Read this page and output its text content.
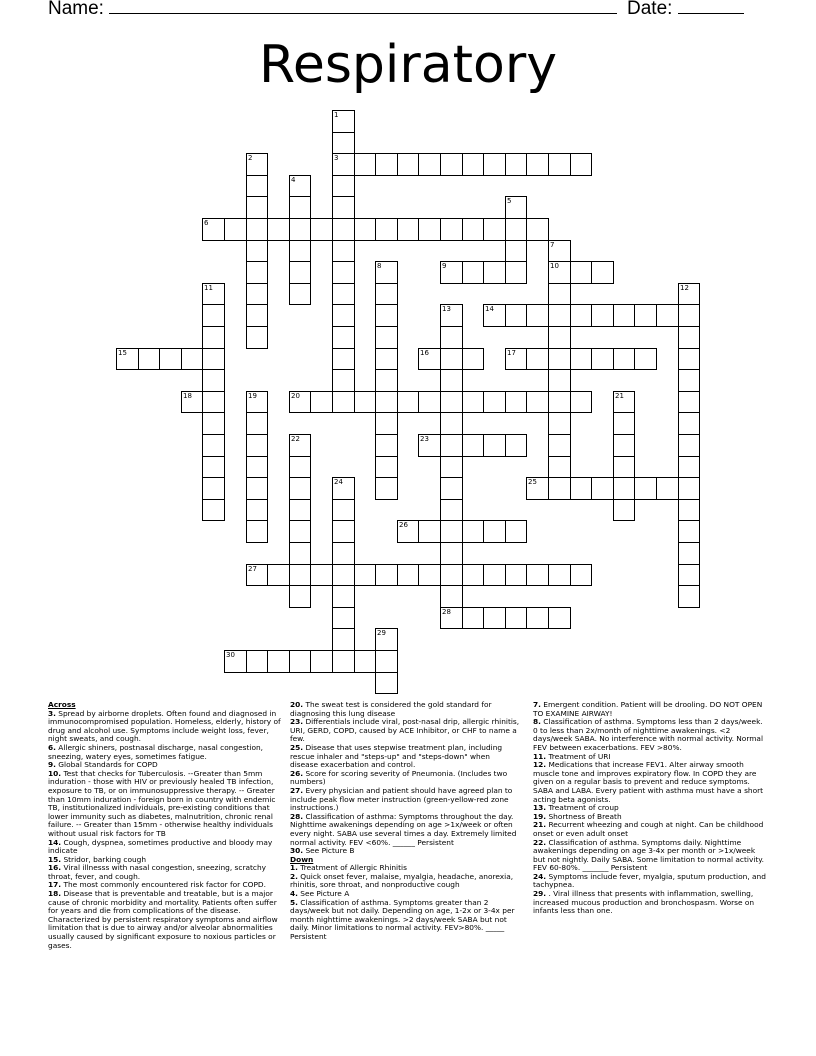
Name:	Date:
Respiratory
1
3
2
4
5
6
7
10
8	9
11	12
13
28
14
15	16	17
18	19	20	21
22	23
24	25
26
27
29
30

Across

3. Spread by airborne droplets. Often found and diagnosed in immunocompromised population. Homeless, elderly, history of drug and alcohol use. Symptoms include weight loss, fever, night sweats, and cough.

6. Allergic shiners, postnasal discharge, nasal congestion, sneezing, watery eyes, sometimes fatigue.

9. Global Standards for COPD

10. Test that checks for Tuberculosis. --Greater than 5mm induration - those with HIV or previously healed TB infection, exposure to TB, or on immunosuppressive therapy. -- Greater than 10mm induration - foreign born in country with endemic TB, institutionalized individuals, pre-existing conditions that lower immunity such as diabetes, malnutrition, chronic renal failure. -- Greater than 15mm - otherwise healthy individuals without usual risk factors for TB

14. Cough, dyspnea, sometimes productive and bloody may indicate

15. Stridor, barking cough

16. Viral illnesss with nasal congestion, sneezing, scratchy throat, fever, and cough.

17. The most commonly encountered risk factor for COPD.

18. Disease that is preventable and treatable, but is a major cause of chronic morbidity and mortality. Patients often suffer for years and die from complications of the disease. Characterized by persistent respiratory symptoms and airflow limitation that is due to airway and/or alveolar abnormalities usually caused by significant exposure to noxious particles or gases.

20. The sweat test is considered the gold standard for diagnosing this lung disease

23. Differentials include viral, post-nasal drip, allergic rhinitis, URI, GERD, COPD, caused by ACE Inhibitor, or CHF to name a few.

25. Disease that uses stepwise treatment plan, including rescue inhaler and "steps-up" and "steps-down" when disease exacerbation and control.

26. Score for scoring severity of Pneumonia. (Includes two numbers)

27. Every physician and patient should have agreed plan to include peak flow meter instruction (green-yellow-red zone instructions.)

28. Classification of asthma: Symptoms throughout the day. Nighttime awakenings depending on age >1x/week or often every night. SABA use several times a day. Extremely limited normal activity. FEV <60%. ______ Persistent

30. See Picture B

Down

1. Treatment of Allergic Rhinitis

2. Quick onset fever, malaise, myalgia, headache, anorexia, rhinitis, sore throat, and nonproductive cough

4. See Picture A

5. Classification of asthma. Symptoms greater than 2 days/week but not daily. Depending on age, 1-2x or 3-4x per month nighttime awakenings. >2 days/week SABA but not daily. Minor limitations to normal activity. FEV>80%. _____ Persistent

7. Emergent condition. Patient will be drooling. DO NOT OPEN TO EXAMINE AIRWAY!

8. Classification of asthma. Symptoms less than 2 days/week. 0 to less than 2x/month of nighttime awakenings. <2 days/week SABA. No interference with normal activity. Normal FEV between exacerbations. FEV >80%.

11. Treatment of URI

12. Medications that increase FEV1. Alter airway smooth muscle tone and improves expiratory flow. In COPD they are given on a regular basis to prevent and reduce symptoms. SABA and LABA. Every patient with asthma must have a short acting beta agonists.

13. Treatment of croup

19. Shortness of Breath

21. Recurrent wheezing and cough at night. Can be childhood onset or even adult onset

22. Classification of asthma. Symptoms daily. Nighttime awakenings depending on age 3-4x per month or >1x/week but not nightly. Daily SABA. Some limitation to normal activity. FEV 60-80%. _______ Persistent

24. Symptoms include fever, myalgia, sputum production, and tachypnea.

29. . Viral illness that presents with inflammation, swelling, increased mucous production and bronchospasm. Worse on infants less than one.
